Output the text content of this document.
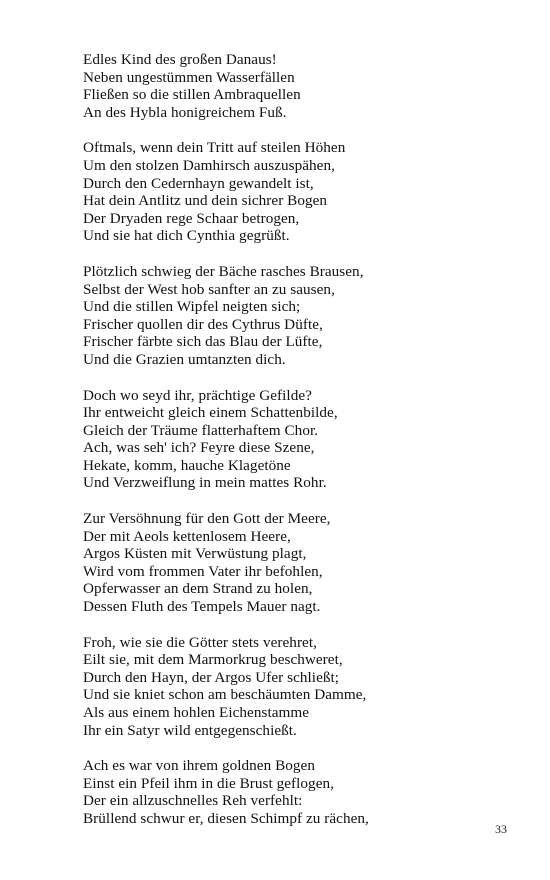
Edles Kind des großen Danaus!
Neben ungestümmen Wasserfällen
Fließen so die stillen Ambraquellen
An des Hybla honigreichem Fuß.
Oftmals, wenn dein Tritt auf steilen Höhen
Um den stolzen Damhirsch auszuspähen,
Durch den Cedernhayn gewandelt ist,
Hat dein Antlitz und dein sichrer Bogen
Der Dryaden rege Schaar betrogen,
Und sie hat dich Cynthia gegrüßt.
Plötzlich schwieg der Bäche rasches Brausen,
Selbst der West hob sanfter an zu sausen,
Und die stillen Wipfel neigten sich;
Frischer quollen dir des Cythrus Düfte,
Frischer färbte sich das Blau der Lüfte,
Und die Grazien umtanzten dich.
Doch wo seyd ihr, prächtige Gefilde?
Ihr entweicht gleich einem Schattenbilde,
Gleich der Träume flatterhaftem Chor.
Ach, was seh' ich? Feyre diese Szene,
Hekate, komm, hauche Klagetöne
Und Verzweiflung in mein mattes Rohr.
Zur Versöhnung für den Gott der Meere,
Der mit Aeols kettenlosem Heere,
Argos Küsten mit Verwüstung plagt,
Wird vom frommen Vater ihr befohlen,
Opferwasser an dem Strand zu holen,
Dessen Fluth des Tempels Mauer nagt.
Froh, wie sie die Götter stets verehret,
Eilt sie, mit dem Marmorkrug beschweret,
Durch den Hayn, der Argos Ufer schließt;
Und sie kniet schon am beschäumten Damme,
Als aus einem hohlen Eichenstamme
Ihr ein Satyr wild entgegenschießt.
Ach es war von ihrem goldnen Bogen
Einst ein Pfeil ihm in die Brust geflogen,
Der ein allzuschnelles Reh verfehlt:
Brüllend schwur er, diesen Schimpf zu rächen,
33
